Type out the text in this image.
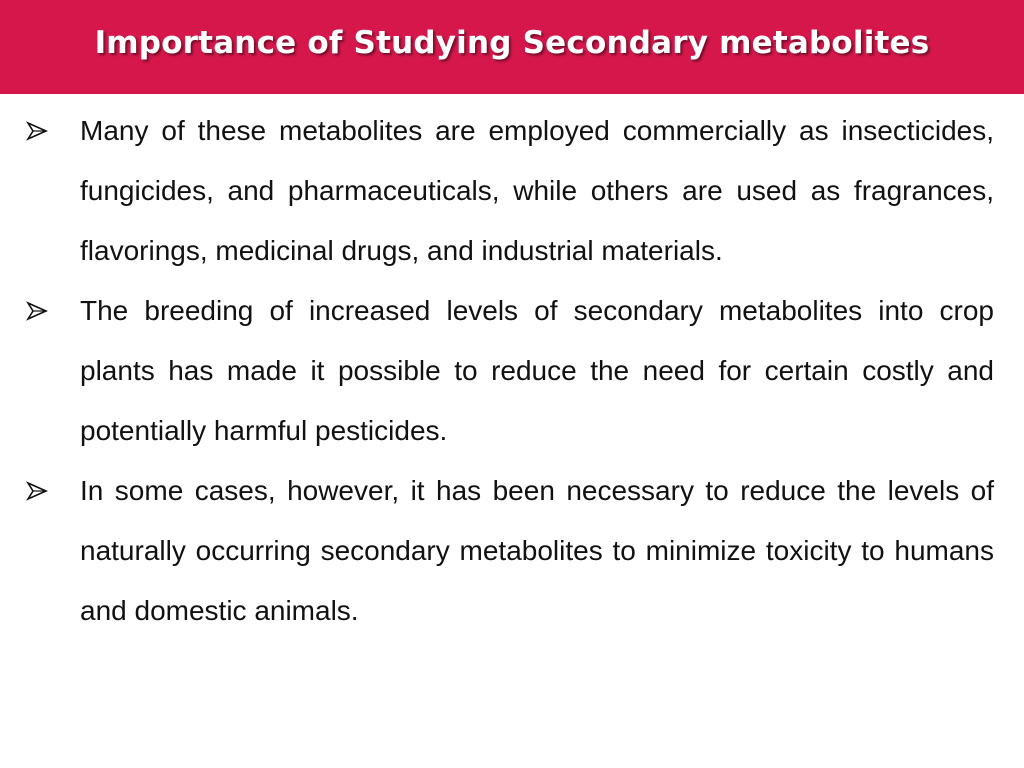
Importance of Studying Secondary metabolites

Many of these metabolites are employed commercially as insecticides, fungicides, and pharmaceuticals, while others are used as fragrances, flavorings, medicinal drugs, and industrial materials.

The breeding of increased levels of secondary metabolites into crop plants has made it possible to reduce the need for certain costly and potentially harmful pesticides.

In some cases, however, it has been necessary to reduce the levels of naturally occurring secondary metabolites to minimize toxicity to humans and domestic animals.
